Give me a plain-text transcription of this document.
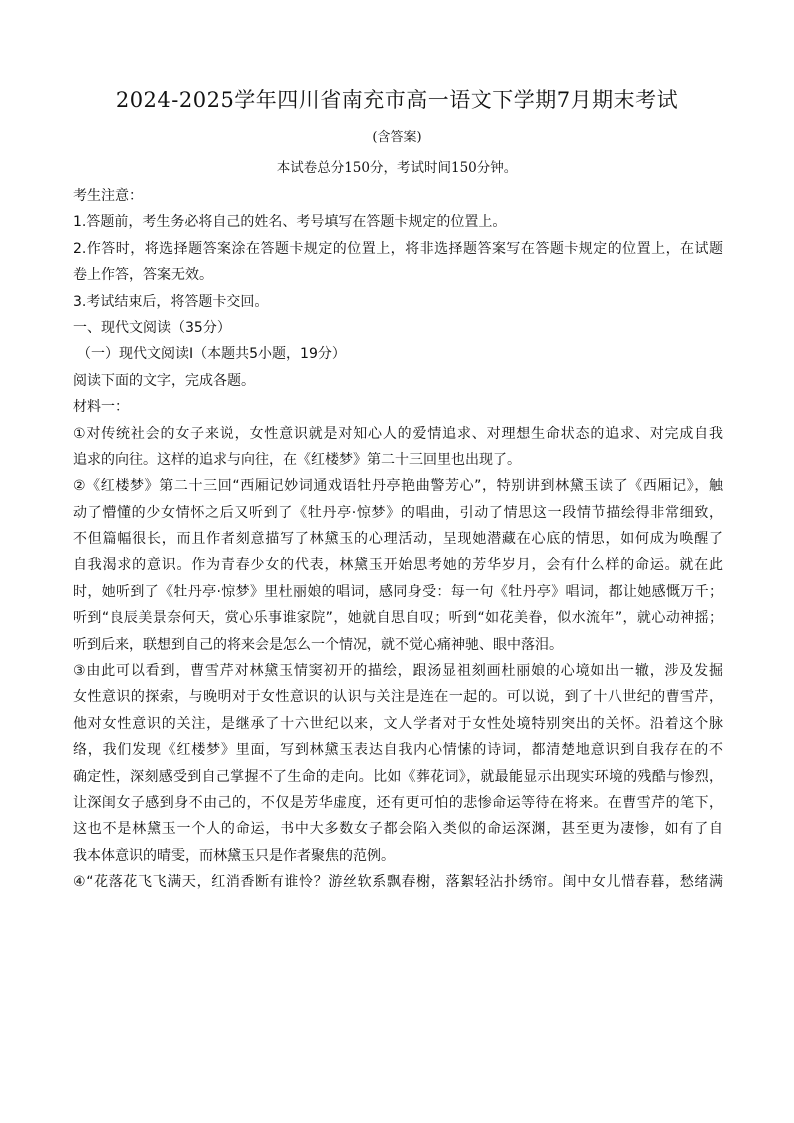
2024-2025学年四川省南充市高一语文下学期7月期末考试
(含答案)
本试卷总分150分，考试时间150分钟。
考生注意：
1.答题前，考生务必将自己的姓名、考号填写在答题卡规定的位置上。
2.作答时，将选择题答案涂在答题卡规定的位置上，将非选择题答案写在答题卡规定的位置上，在试题
卷上作答，答案无效。
3.考试结束后，将答题卡交回。
一、现代文阅读（35分）
（一）现代文阅读Ⅰ（本题共5小题，19分）
阅读下面的文字，完成各题。
材料一：
①对传统社会的女子来说，女性意识就是对知心人的爱情追求、对理想生命状态的追求、对完成自我
追求的向往。这样的追求与向往，在《红楼梦》第二十三回里也出现了。
②《红楼梦》第二十三回“西厢记妙词通戏语牡丹亭艳曲警芳心”，特别讲到林黛玉读了《西厢记》，触
动了懵懂的少女情怀之后又听到了《牡丹亭·惊梦》的唱曲，引动了情思这一段情节描绘得非常细致，
不但篇幅很长，而且作者刻意描写了林黛玉的心理活动，呈现她潜藏在心底的情思，如何成为唤醒了
自我渴求的意识。作为青春少女的代表，林黛玉开始思考她的芳华岁月，会有什么样的命运。就在此
时，她听到了《牡丹亭·惊梦》里杜丽娘的唱词，感同身受：每一句《牡丹亭》唱词，都让她感慨万千；
听到“良辰美景奈何天，赏心乐事谁家院”，她就自思自叹；听到“如花美眷，似水流年”，就心动神摇；
听到后来，联想到自己的将来会是怎么一个情况，就不觉心痛神驰、眼中落泪。
③由此可以看到，曹雪芹对林黛玉情窦初开的描绘，跟汤显祖刻画杜丽娘的心境如出一辙，涉及发掘
女性意识的探索，与晚明对于女性意识的认识与关注是连在一起的。可以说，到了十八世纪的曹雪芹，
他对女性意识的关注，是继承了十六世纪以来，文人学者对于女性处境特别突出的关怀。沿着这个脉
络，我们发现《红楼梦》里面，写到林黛玉表达自我内心情愫的诗词，都清楚地意识到自我存在的不
确定性，深刻感受到自己掌握不了生命的走向。比如《葬花词》，就最能显示出现实环境的残酷与惨烈，
让深闺女子感到身不由己的，不仅是芳华虚度，还有更可怕的悲惨命运等待在将来。在曹雪芹的笔下，
这也不是林黛玉一个人的命运，书中大多数女子都会陷入类似的命运深渊，甚至更为凄惨，如有了自
我本体意识的晴雯，而林黛玉只是作者聚焦的范例。
④“花落花飞飞满天，红消香断有谁怜？游丝软系飘春榭，落絮轻沾扑绣帘。闺中女儿惜春暮，愁绪满
